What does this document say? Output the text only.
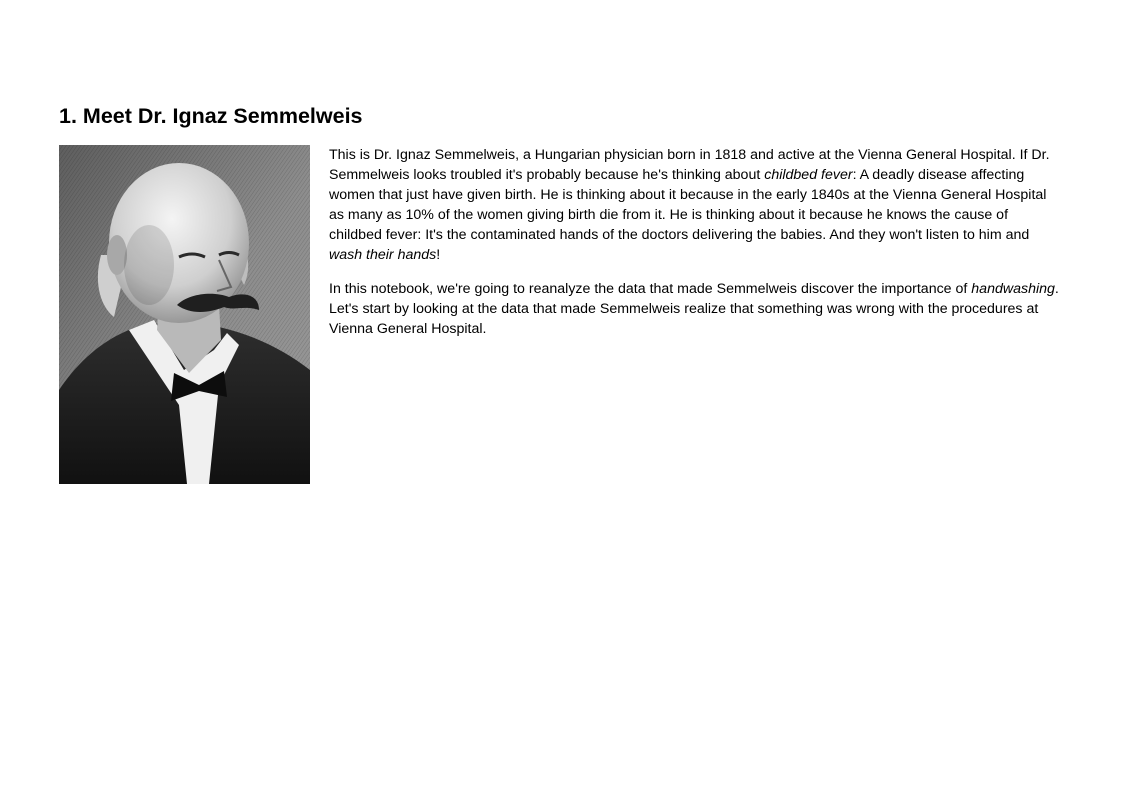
1. Meet Dr. Ignaz Semmelweis

This is Dr. Ignaz Semmelweis, a Hungarian physician born in 1818 and active at the Vienna General Hospital. If Dr. Semmelweis looks troubled it's probably because he's thinking about childbed fever: A deadly disease affecting women that just have given birth. He is thinking about it because in the early 1840s at the Vienna General Hospital as many as 10% of the women giving birth die from it. He is thinking about it because he knows the cause of childbed fever: It's the contaminated hands of the doctors delivering the babies. And they won't listen to him and wash their hands!

In this notebook, we're going to reanalyze the data that made Semmelweis discover the importance of handwashing. Let's start by looking at the data that made Semmelweis realize that something was wrong with the procedures at Vienna General Hospital.
